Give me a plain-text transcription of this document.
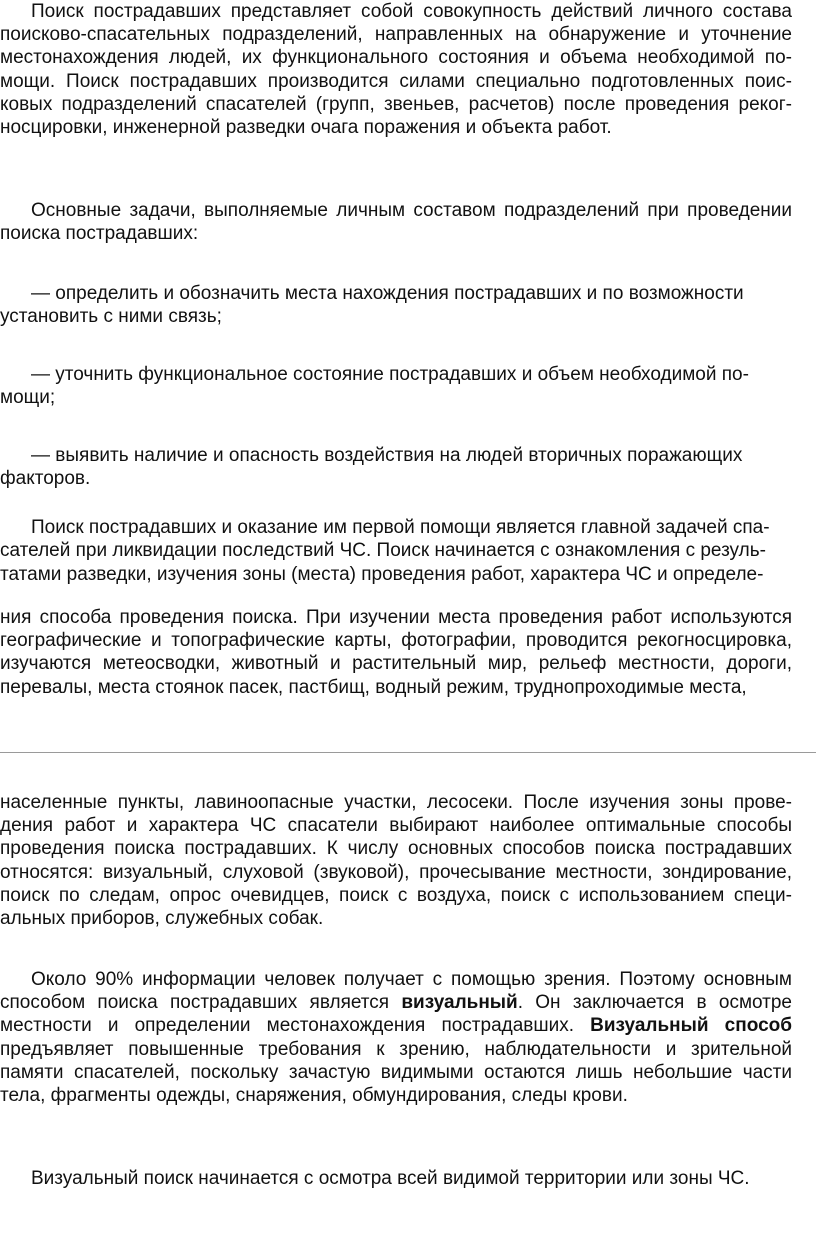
Поиск пострадавших представляет собой совокупность действий личного состава поисково-спасательных подразделений, направленных на обнаружение и уточнение местонахождения людей, их функционального состояния и объема необходимой по-мощи. Поиск пострадавших производится силами специально подготовленных поис-ковых подразделений спасателей (групп, звеньев, расчетов) после проведения реког-носцировки, инженерной разведки очага поражения и объекта работ.

Основные задачи, выполняемые личным составом подразделений при проведении поиска пострадавших:

— определить и обозначить места нахождения пострадавших и по возможности установить с ними связь;

— уточнить функциональное состояние пострадавших и объем необходимой по-мощи;

— выявить наличие и опасность воздействия на людей вторичных поражающих факторов.

Поиск пострадавших и оказание им первой помощи является главной задачей спа-

сателей при ликвидации последствий ЧС. Поиск начинается с ознакомления с резуль-

татами разведки, изучения зоны (места) проведения работ, характера ЧС и определе-

ния способа проведения поиска. При изучении места проведения работ используются географические и топографические карты, фотографии, проводится рекогносцировка, изучаются метеосводки, животный и растительный мир, рельеф местности, дороги, перевалы, места стоянок пасек, пастбищ, водный режим, труднопроходимые места,

населенные пункты, лавиноопасные участки, лесосеки. После изучения зоны прове-дения работ и характера ЧС спасатели выбирают наиболее оптимальные способы проведения поиска пострадавших. К числу основных способов поиска пострадавших относятся: визуальный, слуховой (звуковой), прочесывание местности, зондирование, поиск по следам, опрос очевидцев, поиск с воздуха, поиск с использованием специ-альных приборов, служебных собак.

Около 90% информации человек получает с помощью зрения. Поэтому основным способом поиска пострадавших является визуальный. Он заключается в осмотре местности и определении местонахождения пострадавших. Визуальный способ предъявляет повышенные требования к зрению, наблюдательности и зрительной памяти спасателей, поскольку зачастую видимыми остаются лишь небольшие части тела, фрагменты одежды, снаряжения, обмундирования, следы крови.

Визуальный поиск начинается с осмотра всей видимой территории или зоны ЧС.
